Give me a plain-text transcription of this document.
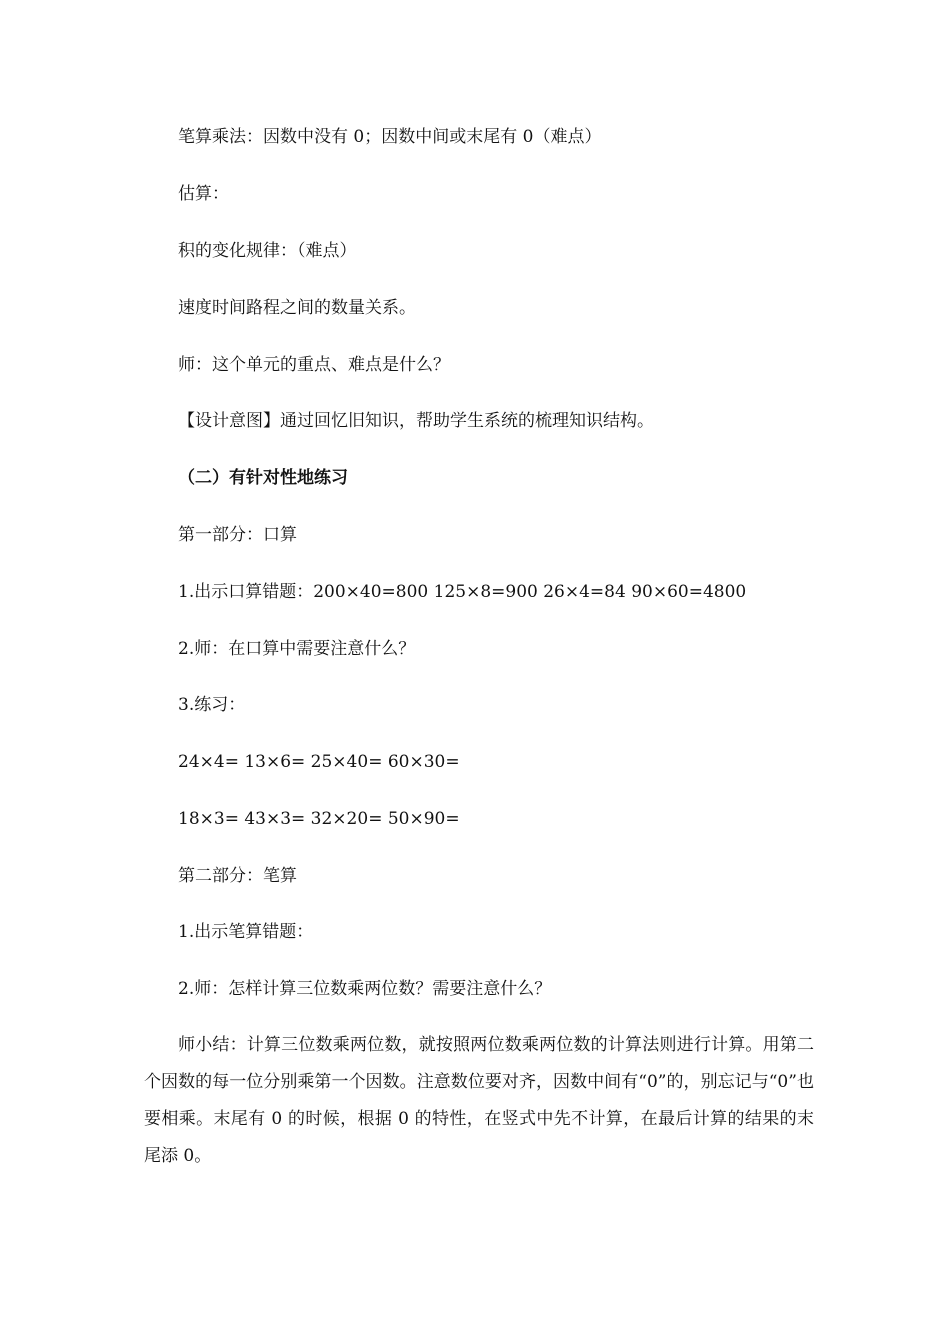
笔算乘法：因数中没有 0；因数中间或末尾有 0（难点）
估算：
积的变化规律：（难点）
速度时间路程之间的数量关系。
师：这个单元的重点、难点是什么？
【设计意图】通过回忆旧知识，帮助学生系统的梳理知识结构。
（二）有针对性地练习
第一部分：口算
1.出示口算错题：200×40=800 125×8=900 26×4=84 90×60=4800
2.师：在口算中需要注意什么？
3.练习：
24×4= 13×6= 25×40= 60×30=
18×3= 43×3= 32×20= 50×90=
第二部分：笔算
1.出示笔算错题：
2.师：怎样计算三位数乘两位数？需要注意什么？
师小结：计算三位数乘两位数，就按照两位数乘两位数的计算法则进行计算。用第二个因数的每一位分别乘第一个因数。注意数位要对齐，因数中间有“0”的，别忘记与“0”也要相乘。末尾有 0 的时候，根据 0 的特性，在竖式中先不计算，在最后计算的结果的末尾添 0。
